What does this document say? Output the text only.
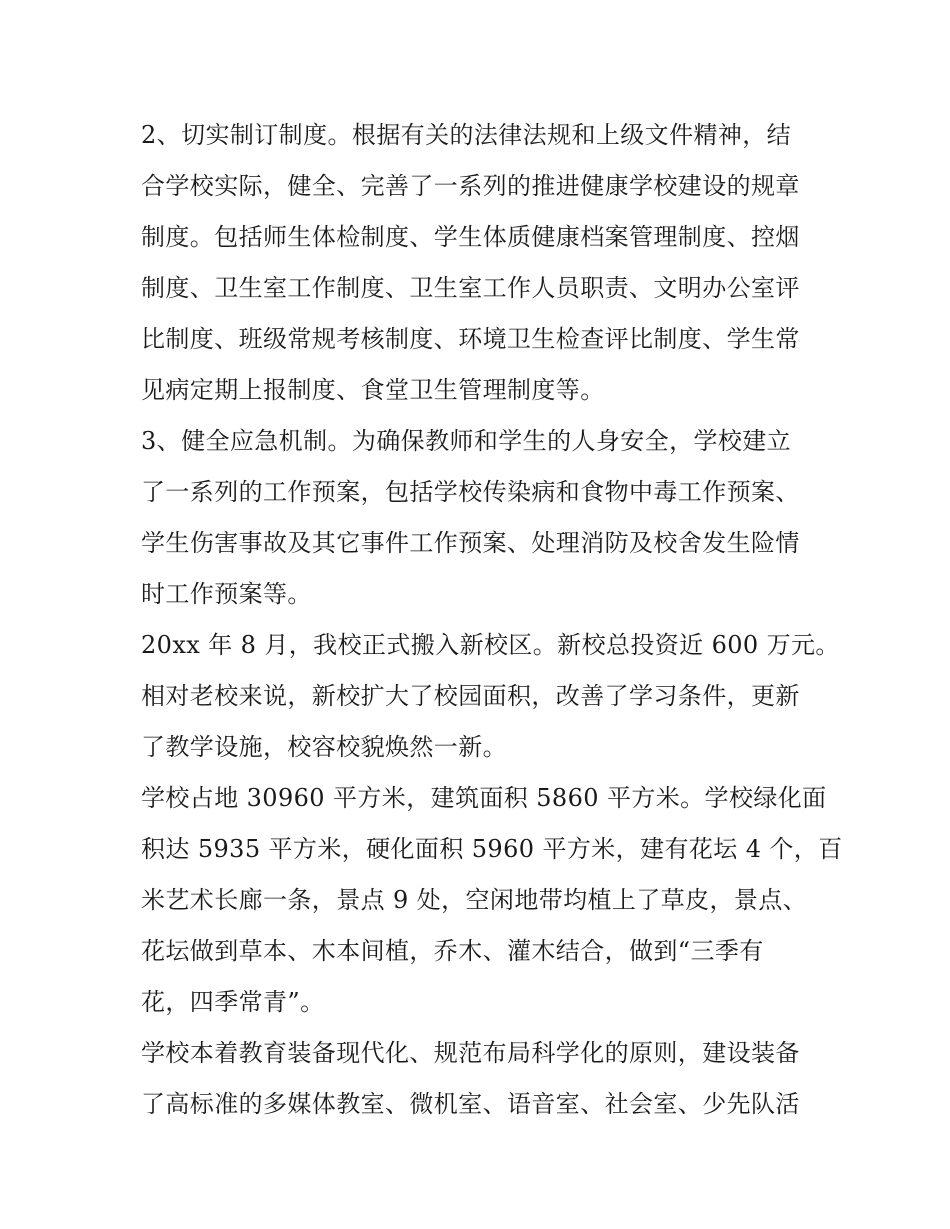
2、切实制订制度。根据有关的法律法规和上级文件精神，结
合学校实际，健全、完善了一系列的推进健康学校建设的规章
制度。包括师生体检制度、学生体质健康档案管理制度、控烟
制度、卫生室工作制度、卫生室工作人员职责、文明办公室评
比制度、班级常规考核制度、环境卫生检查评比制度、学生常
见病定期上报制度、食堂卫生管理制度等。
3、健全应急机制。为确保教师和学生的人身安全，学校建立
了一系列的工作预案，包括学校传染病和食物中毒工作预案、
学生伤害事故及其它事件工作预案、处理消防及校舍发生险情
时工作预案等。
20xx 年 8 月，我校正式搬入新校区。新校总投资近 600 万元。
相对老校来说，新校扩大了校园面积，改善了学习条件，更新
了教学设施，校容校貌焕然一新。
学校占地 30960 平方米，建筑面积 5860 平方米。学校绿化面
积达 5935 平方米，硬化面积 5960 平方米，建有花坛 4 个，百
米艺术长廊一条，景点 9 处，空闲地带均植上了草皮，景点、
花坛做到草本、木本间植，乔木、灌木结合，做到“三季有
花，四季常青”。
学校本着教育装备现代化、规范布局科学化的原则，建设装备
了高标准的多媒体教室、微机室、语音室、社会室、少先队活
